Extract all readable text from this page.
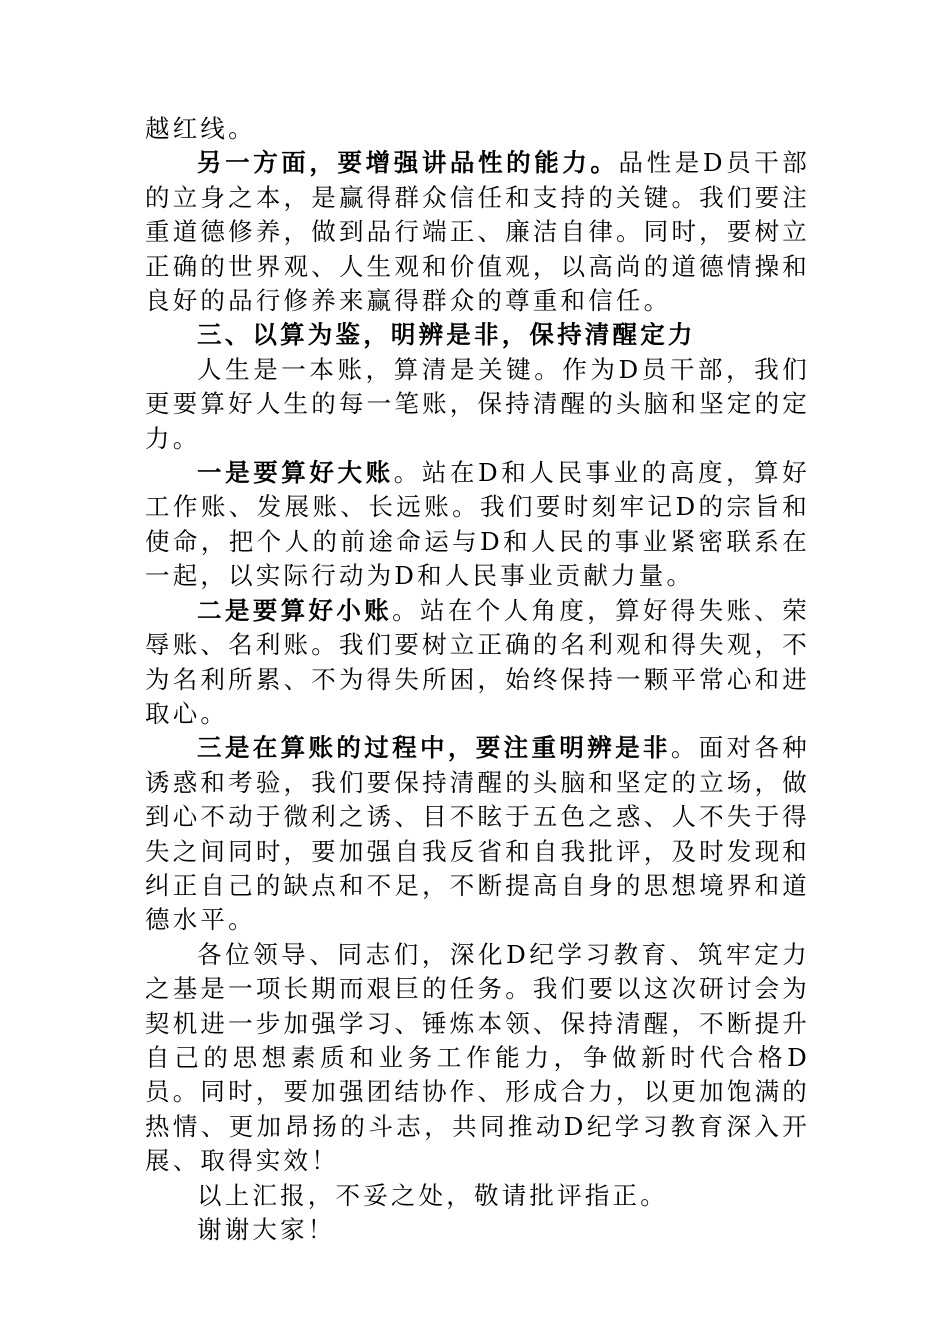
越红线。

另一方面，要增强讲品性的能力。品性是D员干部的立身之本，是赢得群众信任和支持的关键。我们要注重道德修养，做到品行端正、廉洁自律。同时，要树立正确的世界观、人生观和价值观，以高尚的道德情操和良好的品行修养来赢得群众的尊重和信任。

三、以算为鉴，明辨是非，保持清醒定力

人生是一本账，算清是关键。作为D员干部，我们更要算好人生的每一笔账，保持清醒的头脑和坚定的定力。

一是要算好大账。站在D和人民事业的高度，算好工作账、发展账、长远账。我们要时刻牢记D的宗旨和使命，把个人的前途命运与D和人民的事业紧密联系在一起，以实际行动为D和人民事业贡献力量。

二是要算好小账。站在个人角度，算好得失账、荣辱账、名利账。我们要树立正确的名利观和得失观，不为名利所累、不为得失所困，始终保持一颗平常心和进取心。

三是在算账的过程中，要注重明辨是非。面对各种诱惑和考验，我们要保持清醒的头脑和坚定的立场，做到心不动于微利之诱、目不眩于五色之惑、人不失于得失之间同时，要加强自我反省和自我批评，及时发现和纠正自己的缺点和不足，不断提高自身的思想境界和道德水平。

各位领导、同志们，深化D纪学习教育、筑牢定力之基是一项长期而艰巨的任务。我们要以这次研讨会为契机进一步加强学习、锤炼本领、保持清醒，不断提升自己的思想素质和业务工作能力，争做新时代合格D员。同时，要加强团结协作、形成合力，以更加饱满的热情、更加昂扬的斗志，共同推动D纪学习教育深入开展、取得实效！

以上汇报，不妥之处，敬请批评指正。

谢谢大家！
